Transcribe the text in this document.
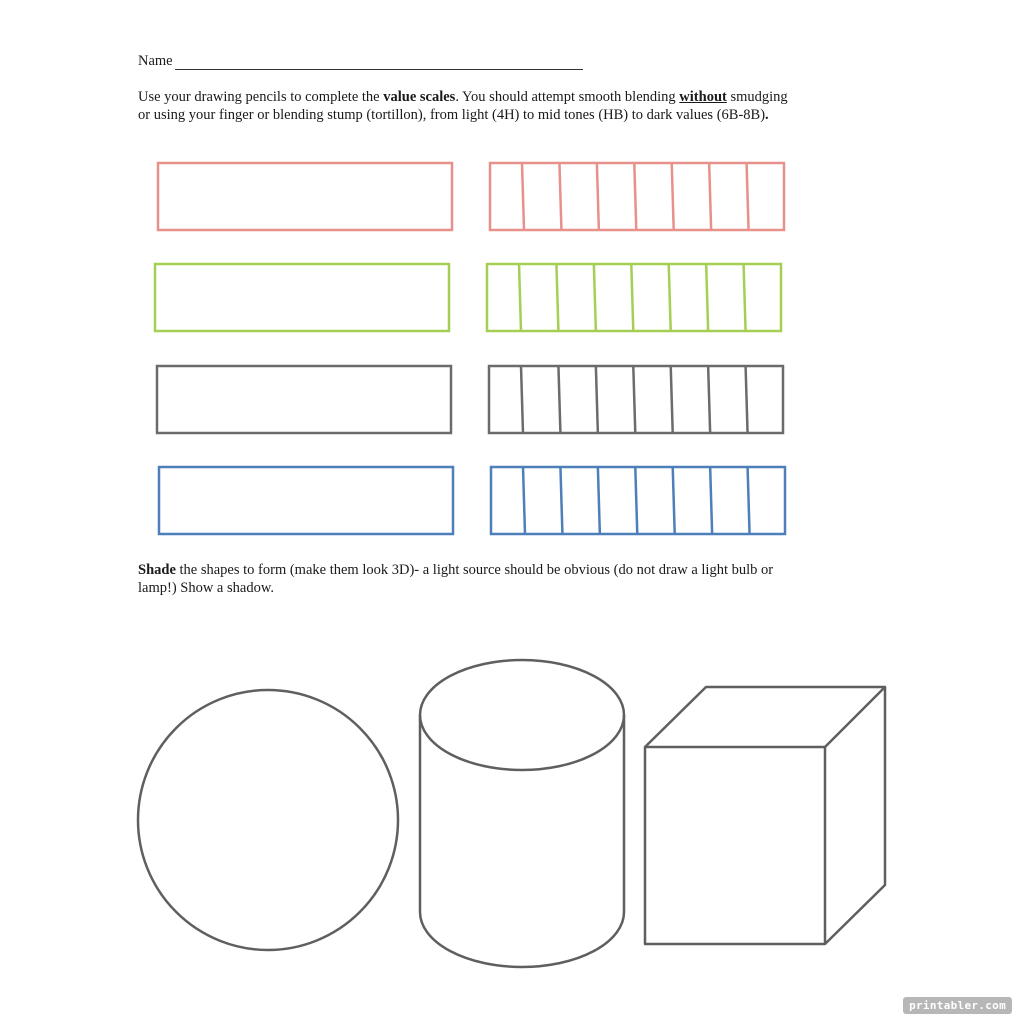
Name
Use your drawing pencils to complete the value scales. You should attempt smooth blending without smudging
or using your finger or blending stump (tortillon), from light (4H) to mid tones (HB) to dark values (6B-8B).
Shade the shapes to form (make them look 3D)- a light source should be obvious (do not draw a light bulb or
lamp!) Show a shadow.
printabler.com
